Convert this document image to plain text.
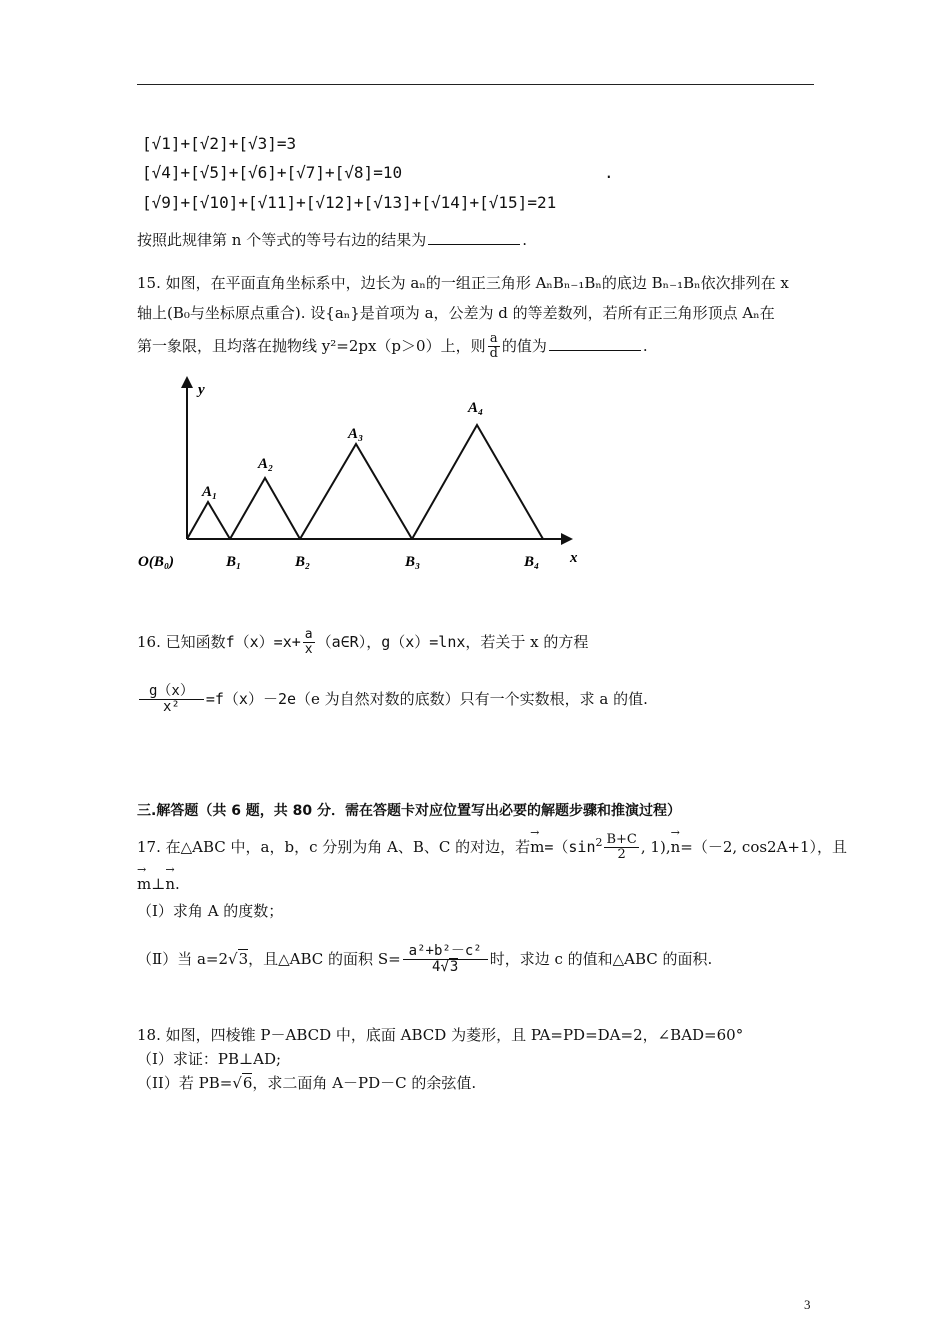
[√1]+[√2]+[√3]=3
[√4]+[√5]+[√6]+[√7]+[√8]=10	.
[√9]+[√10]+[√11]+[√12]+[√13]+[√14]+[√15]=21
按照此规律第 n 个等式的等号右边的结果为	.
15. 如图，在平面直角坐标系中，边长为 aₙ的一组正三角形 AₙBₙ₋₁Bₙ的底边 Bₙ₋₁Bₙ依次排列在 x
轴上(B₀与坐标原点重合). 设{aₙ}是首项为 a，公差为 d 的等差数列，若所有正三角形顶点 Aₙ在
第一象限，且均落在抛物线 y²=2px（p＞0）上，则 $\frac{a}{d}$ 的值为	.
y
x
O(B₀)	B₁	B₂	B₃	B₄
A₁
A₂
A₃
A₄
16. 已知函数$f(x)=x+ \frac{a}{x}$ （a∈R），g（x）=lnx，若关于 x 的方程
$\frac{g(x)}{\text{x²}} =f(x)-2e(e$ 为自然对数的底数）只有一个实数根，求 a 的值.
三.解答题（共 6 题，共 80 分．需在答题卡对应位置写出必要的解题步骤和推演过程）
17. 在△ABC 中，a，b，c 分别为角 A、B、C 的对边，若→ $m=(\sin^2 \frac{B+C}{2}$ , 1),→ n=（－2, cos2A+1），且
→ m⊥→ n.
（Ⅰ）求角 A 的度数；
（Ⅱ）当 a=2√3，且△ABC 的面积 $S= \frac{\text{a²+b²－c²}}{4√3}$ 时，求边 c 的值和△ABC 的面积.
18. 如图，四棱锥 P－ABCD 中，底面 ABCD 为菱形，且 PA=PD=DA=2，∠BAD=60°
（I）求证：PB⊥AD;
（II）若 PB=√6，求二面角 A－PD－C 的余弦值.
3
